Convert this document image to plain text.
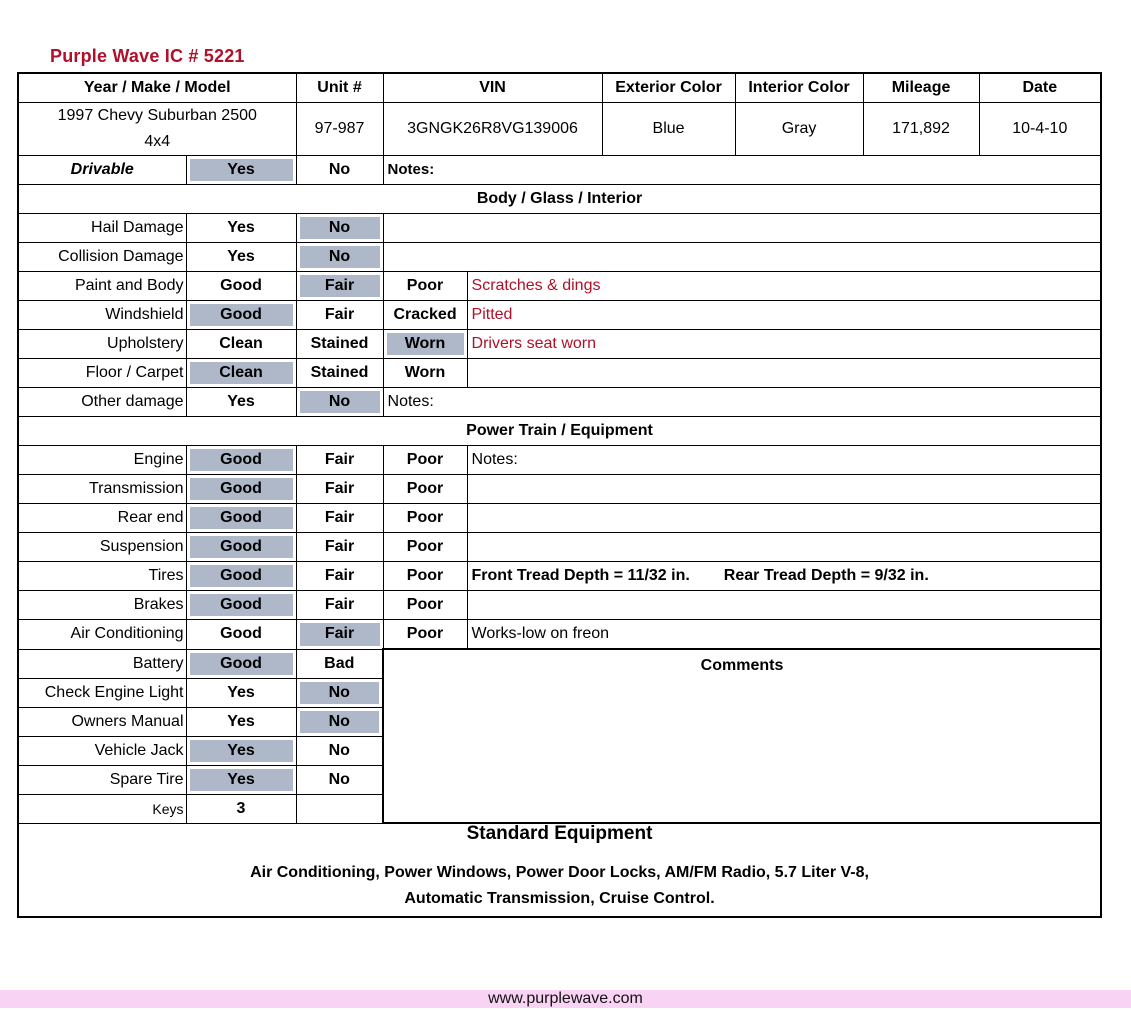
Purple Wave IC # 5221
Year / Make / Model		Unit #	VIN		Exterior Color	Interior Color	Mileage	Date
1997 Chevy Suburban 2500
4x4		97-987	3GNGK26R8VG139006		Blue	Gray	171,892	10-4-10
Drivable	Yes	No	Notes:					
Body / Glass / Interior								
Hail Damage	Yes	No						
Collision Damage	Yes	No						
Paint and Body	Good	Fair	Poor	Scratches & dings				
Windshield	Good	Fair	Cracked	Pitted				
Upholstery	Clean	Stained	Worn	Drivers seat worn				
Floor / Carpet	Clean	Stained	Worn					
Other damage	Yes	No	Notes:					
Power Train / Equipment								
Engine	Good	Fair	Poor	Notes:				
Transmission	Good	Fair	Poor					
Rear end	Good	Fair	Poor					
Suspension	Good	Fair	Poor					
Tires	Good	Fair	Poor	Front Tread Depth = 11/32 in. Rear Tread Depth = 9/32 in.				
Brakes	Good	Fair	Poor					
Air Conditioning	Good	Fair	Poor	Works-low on freon				
Battery	Good	Bad	Comments					
Check Engine Light	Yes	No						
Owners Manual	Yes	No						
Vehicle Jack	Yes	No						
Spare Tire	Yes	No						
Keys	3							
Standard Equipment								
Air Conditioning, Power Windows, Power Door Locks, AM/FM Radio, 5.7 Liter V-8,
Automatic Transmission, Cruise Control.								
www.purplewave.com
